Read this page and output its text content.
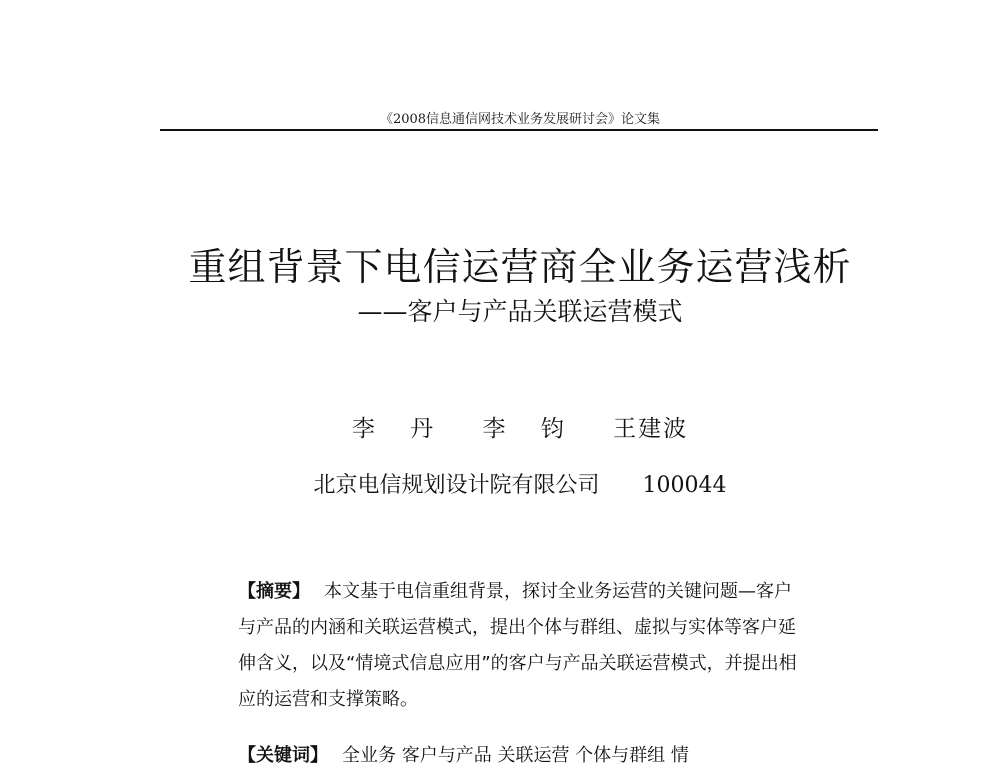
《2008信息通信网技术业务发展研讨会》论文集
重组背景下电信运营商全业务运营浅析
——客户与产品关联运营模式
李 丹 李 钧 王建波
北京电信规划设计院有限公司 100044

【摘要】 本文基于电信重组背景，探讨全业务运营的关键问题—客户与产品的内涵和关联运营模式，提出个体与群组、虚拟与实体等客户延伸含义，以及“情境式信息应用”的客户与产品关联运营模式，并提出相应的运营和支撑策略。

【关键词】 全业务 客户与产品 关联运营 个体与群组 情
